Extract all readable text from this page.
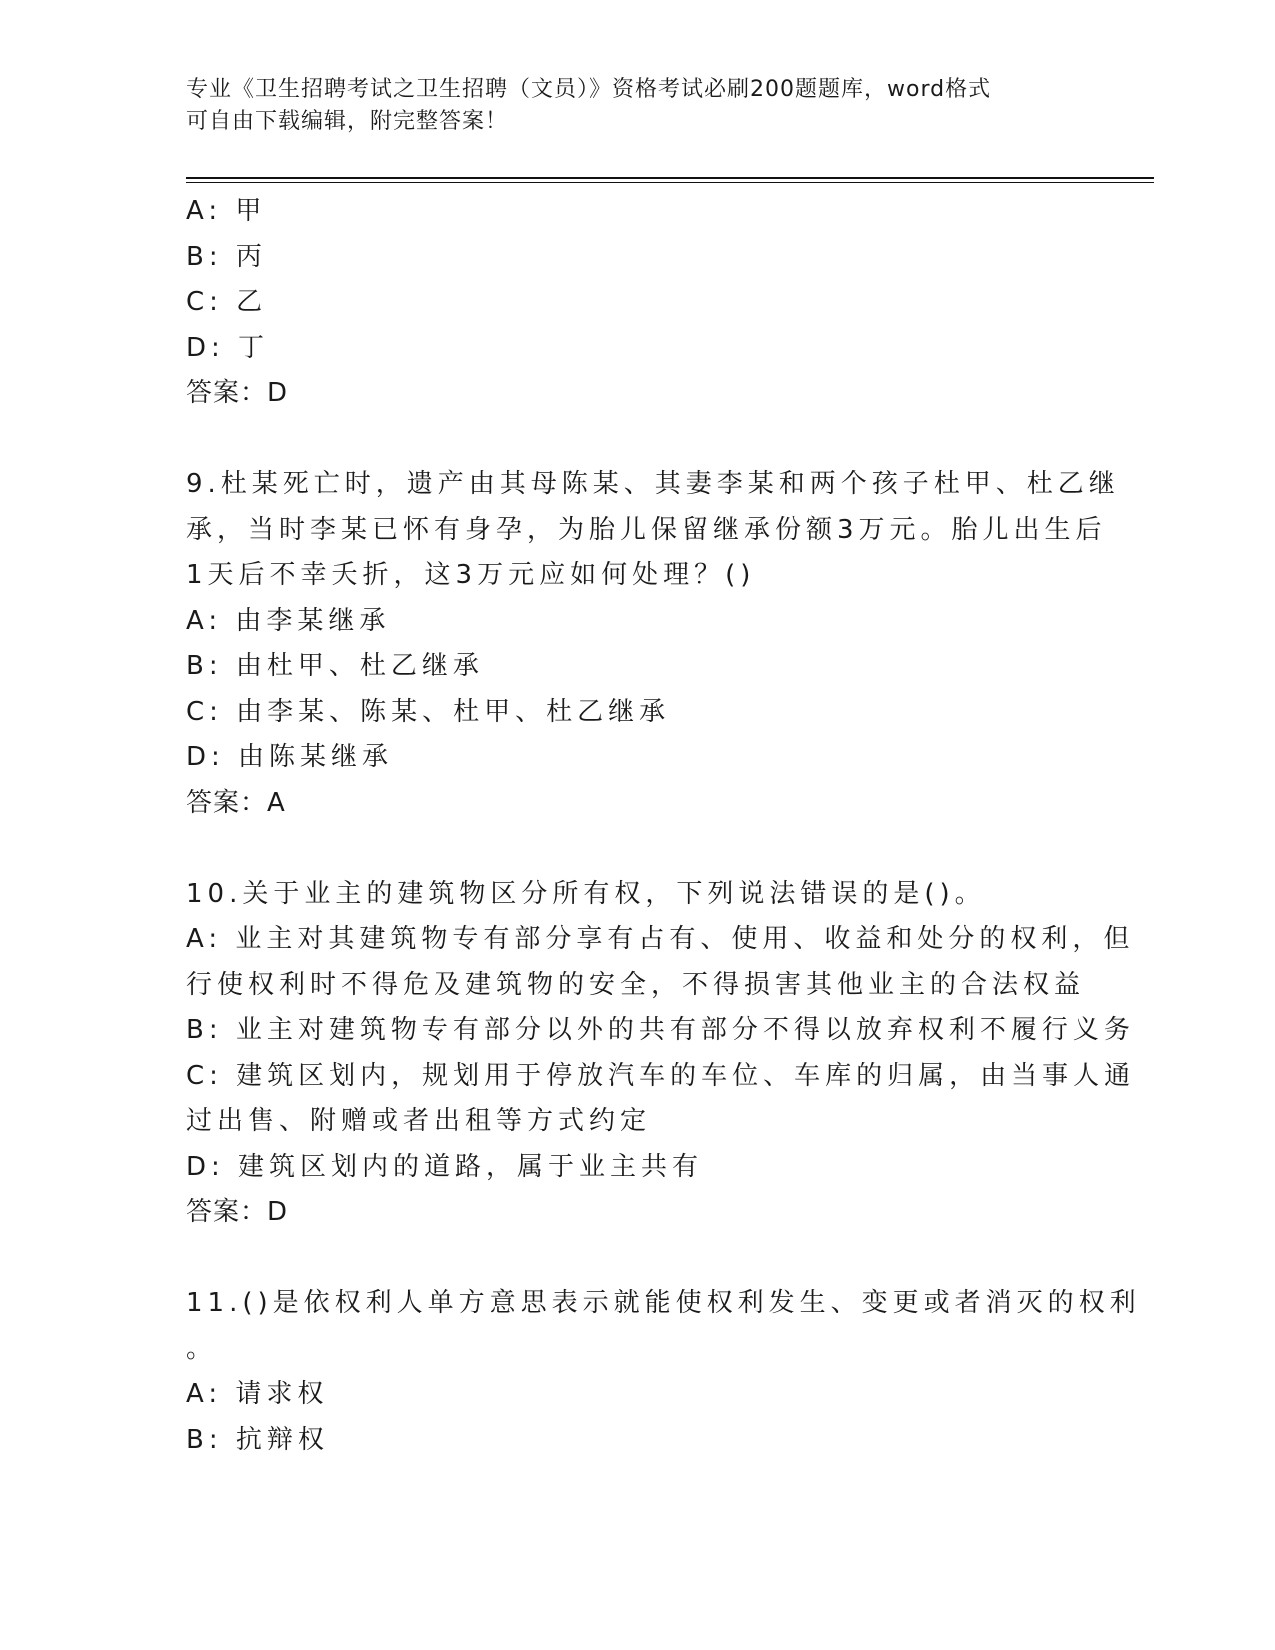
专业《卫生招聘考试之卫生招聘（文员）》资格考试必刷200题题库，word格式
可自由下载编辑，附完整答案！
A: 甲
B: 丙
C: 乙
D: 丁
答案：D
9.杜某死亡时，遗产由其母陈某、其妻李某和两个孩子杜甲、杜乙继
承，当时李某已怀有身孕，为胎儿保留继承份额3万元。胎儿出生后
1天后不幸夭折，这3万元应如何处理？()
A: 由李某继承
B: 由杜甲、杜乙继承
C: 由李某、陈某、杜甲、杜乙继承
D: 由陈某继承
答案：A
10.关于业主的建筑物区分所有权，下列说法错误的是()。
A: 业主对其建筑物专有部分享有占有、使用、收益和处分的权利，但
行使权利时不得危及建筑物的安全，不得损害其他业主的合法权益
B: 业主对建筑物专有部分以外的共有部分不得以放弃权利不履行义务
C: 建筑区划内，规划用于停放汽车的车位、车库的归属，由当事人通
过出售、附赠或者出租等方式约定
D: 建筑区划内的道路，属于业主共有
答案：D
11.()是依权利人单方意思表示就能使权利发生、变更或者消灭的权利
。
A: 请求权
B: 抗辩权
